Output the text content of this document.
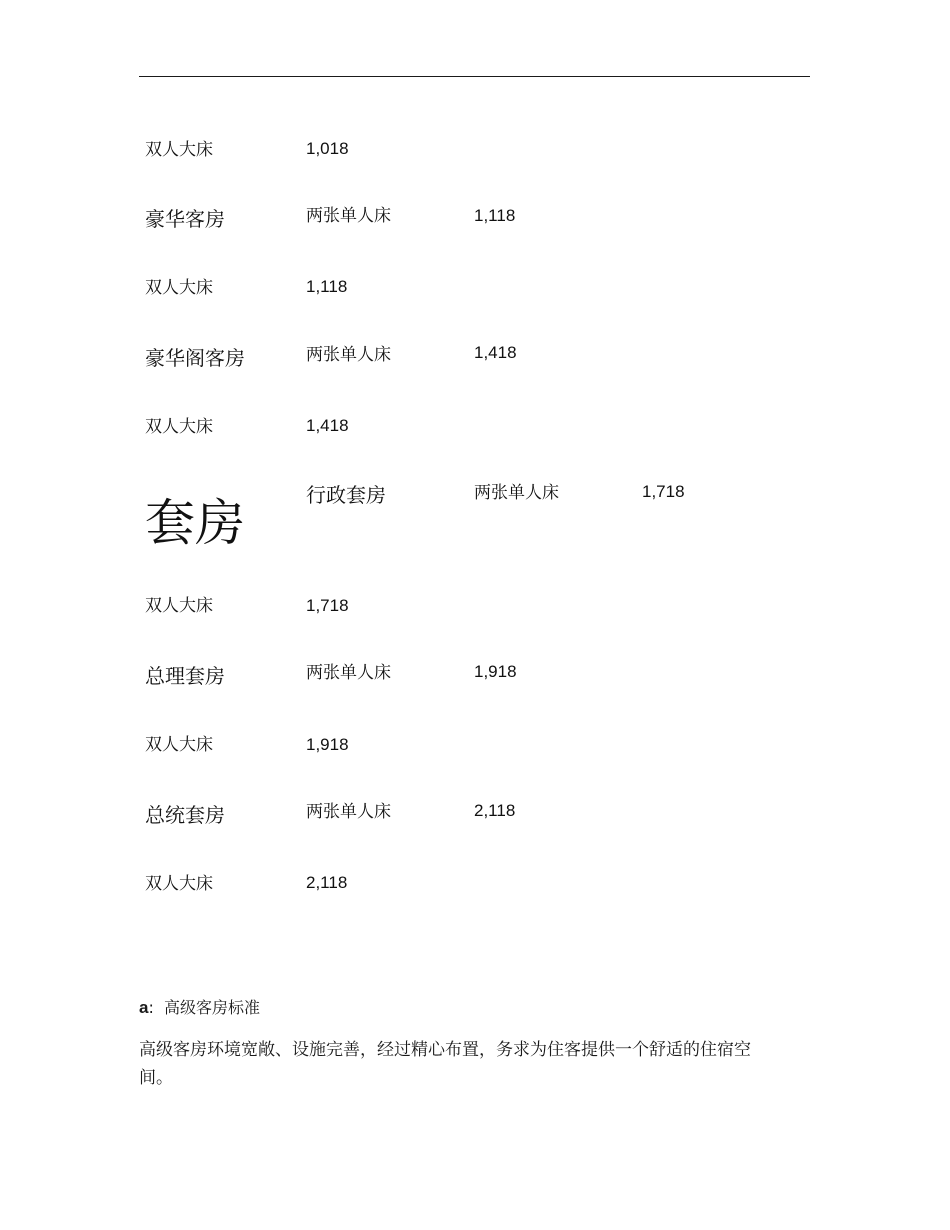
双人大床	1,018
豪华客房	两张单人床	1,118
双人大床	1,118
豪华阁客房	两张单人床	1,418
双人大床	1,418
套房	行政套房	两张单人床	1,718
双人大床	1,718
总理套房	两张单人床	1,918
双人大床	1,918
总统套房	两张单人床	2,118
双人大床	2,118
a: 高级客房标准
高级客房环境宽敞、设施完善，经过精心布置，务求为住客提供一个舒适的住宿空间。
